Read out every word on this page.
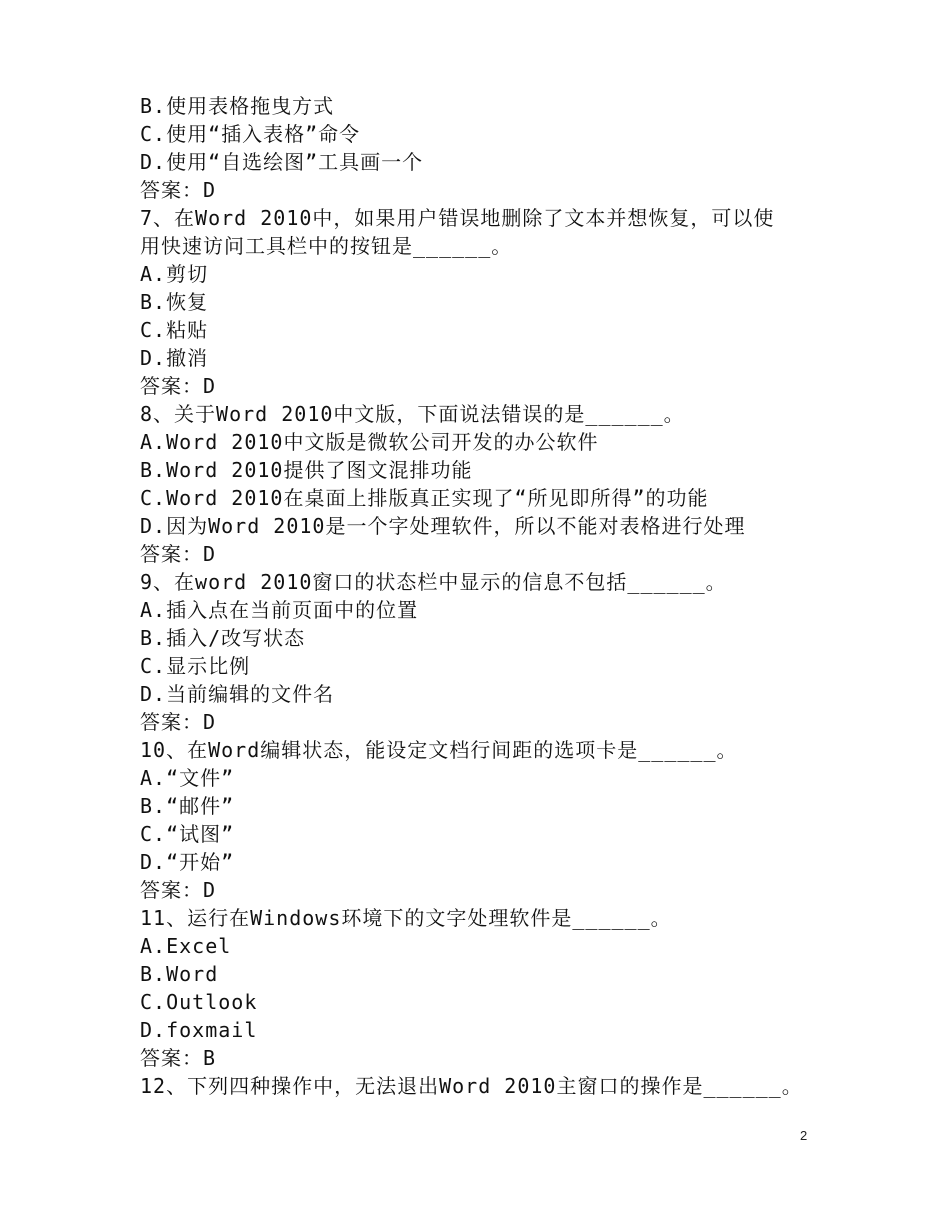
B.使用表格拖曳方式
C.使用“插入表格”命令
D.使用“自选绘图”工具画一个
答案：D
7、在Word 2010中，如果用户错误地删除了文本并想恢复，可以使
用快速访问工具栏中的按钮是______。
A.剪切
B.恢复
C.粘贴
D.撤消
答案：D
8、关于Word 2010中文版，下面说法错误的是______。
A.Word 2010中文版是微软公司开发的办公软件
B.Word 2010提供了图文混排功能
C.Word 2010在桌面上排版真正实现了“所见即所得”的功能
D.因为Word 2010是一个字处理软件，所以不能对表格进行处理
答案：D
9、在word 2010窗口的状态栏中显示的信息不包括______。
A.插入点在当前页面中的位置
B.插入/改写状态
C.显示比例
D.当前编辑的文件名
答案：D
10、在Word编辑状态，能设定文档行间距的选项卡是______。
A.“文件”
B.“邮件”
C.“试图”
D.“开始”
答案：D
11、运行在Windows环境下的文字处理软件是______。
A.Excel
B.Word
C.Outlook
D.foxmail
答案：B
12、下列四种操作中，无法退出Word 2010主窗口的操作是______。
2
